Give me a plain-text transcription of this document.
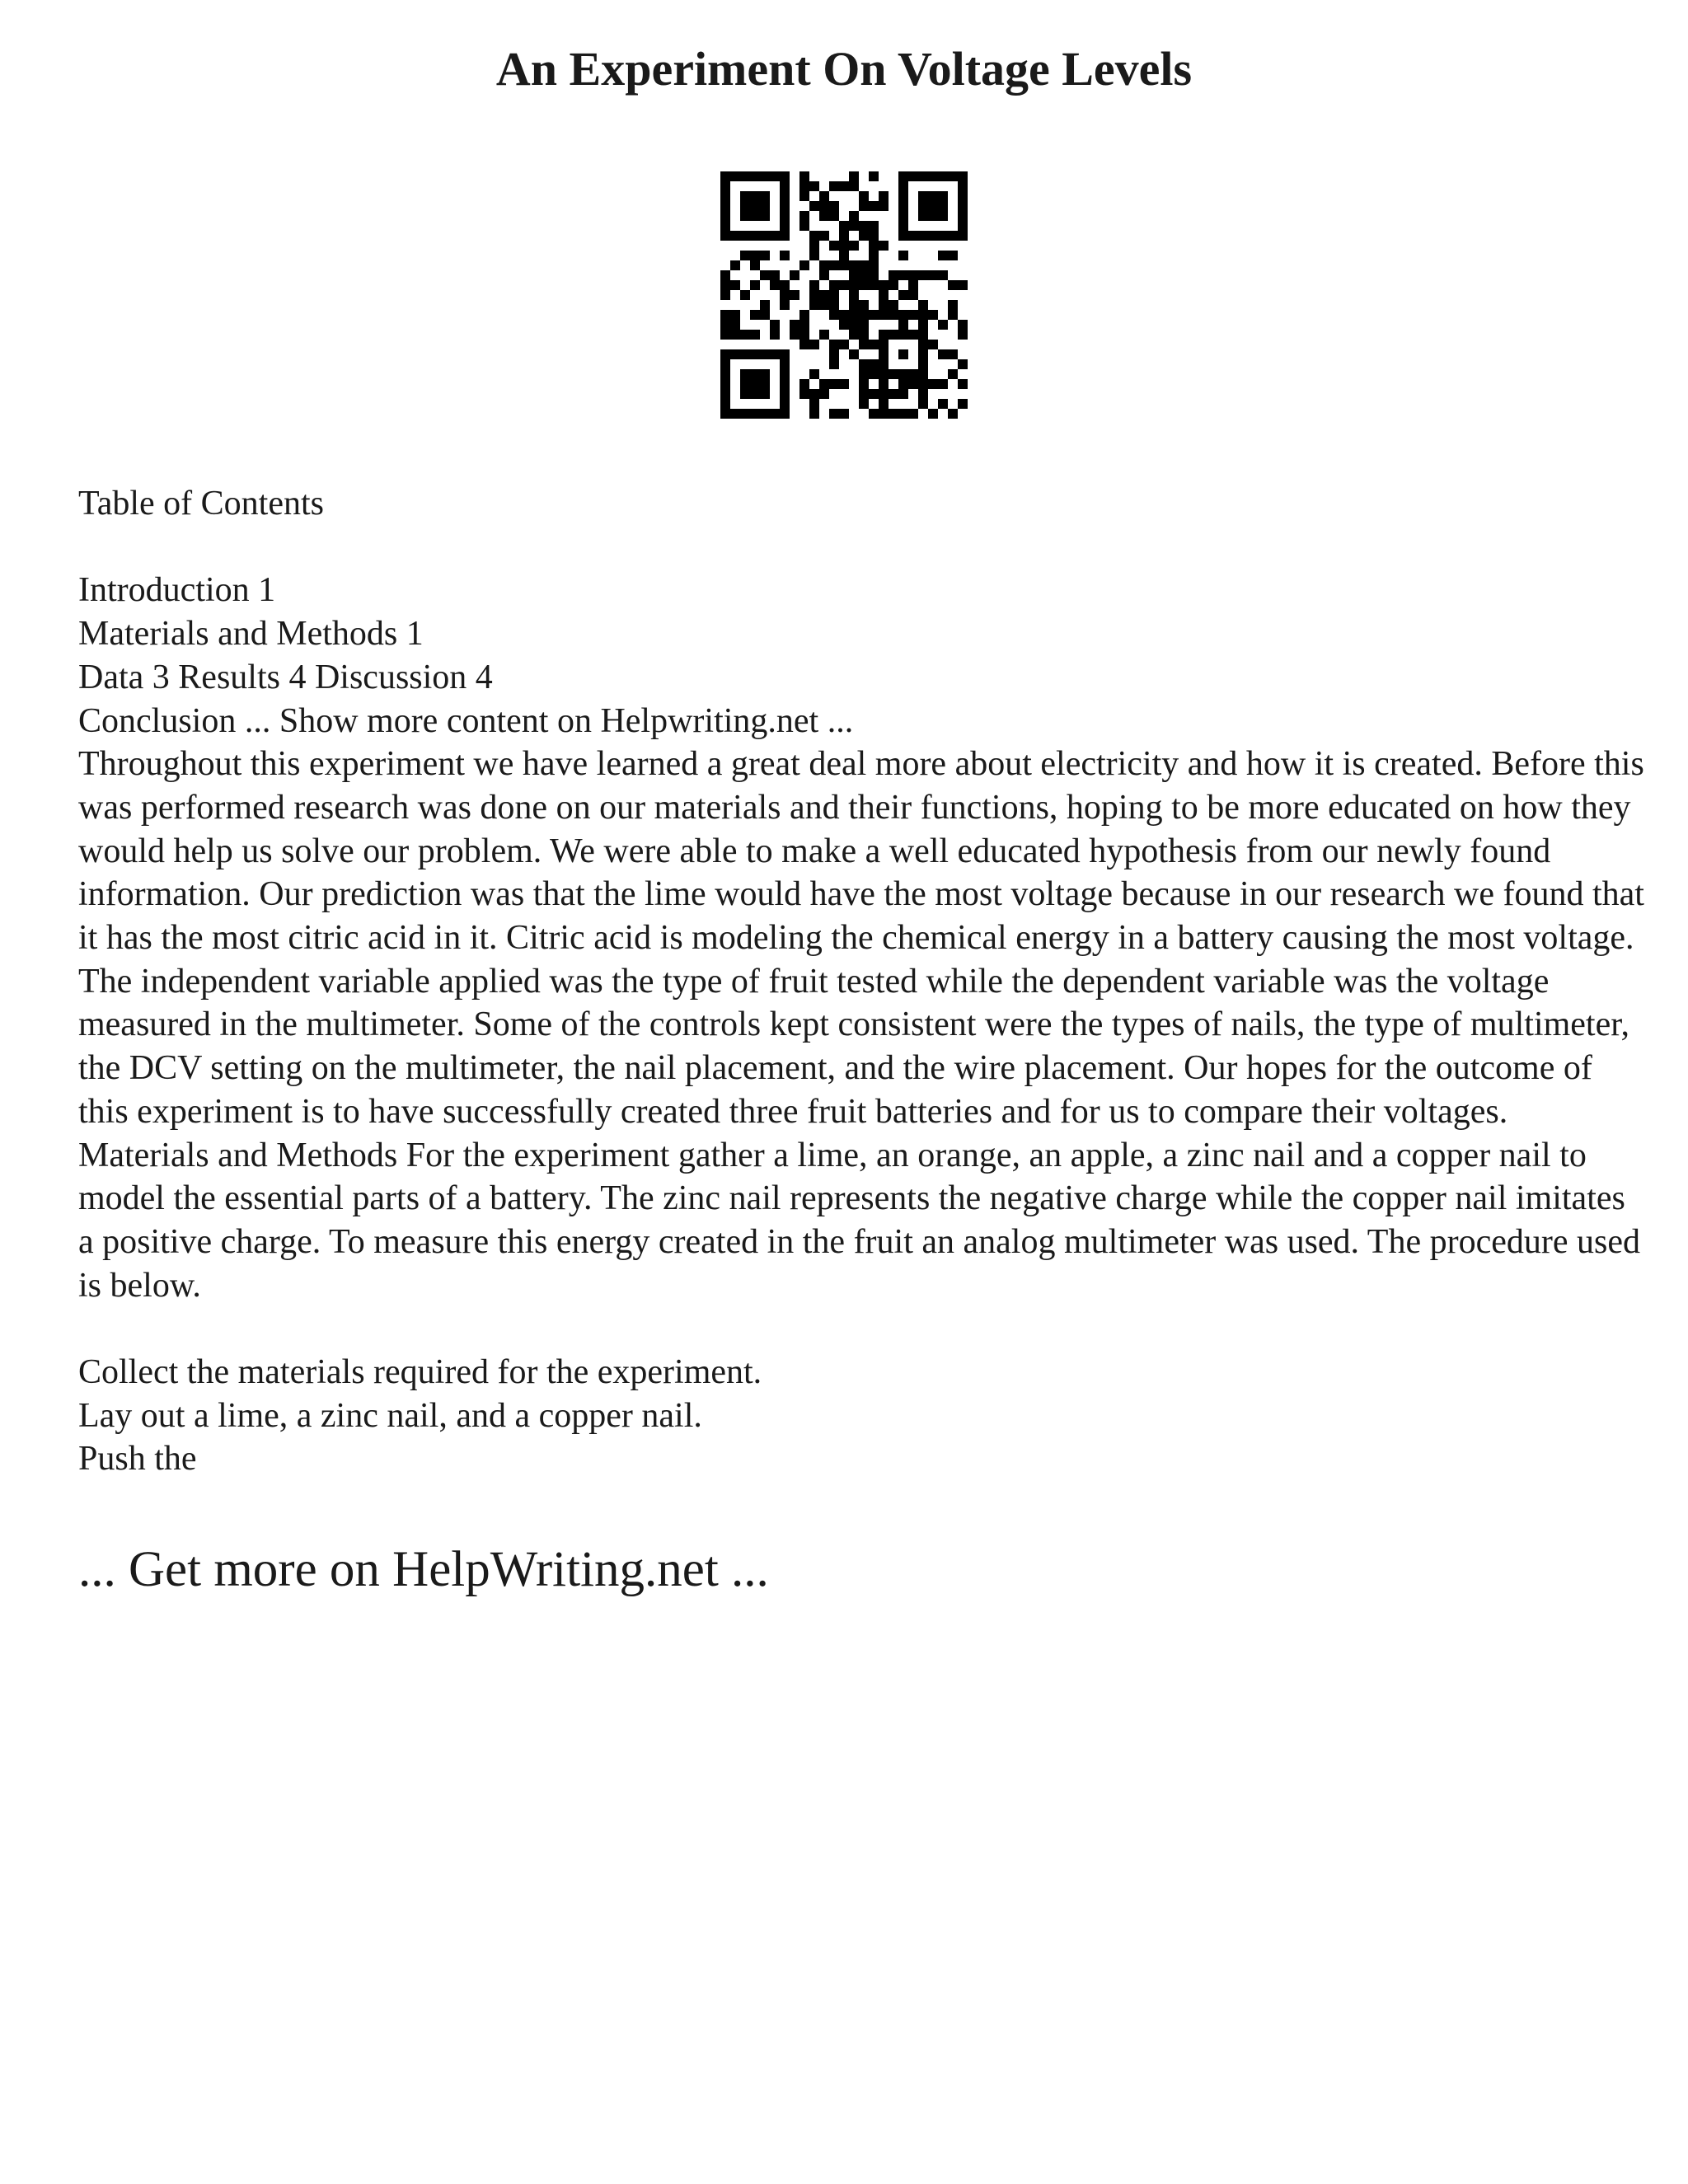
An Experiment On Voltage Levels

Table of Contents

Introduction 1

Materials and Methods 1

Data 3 Results 4 Discussion 4

Conclusion ... Show more content on Helpwriting.net ...

Throughout this experiment we have learned a great deal more about electricity and how it is created. Before this was performed research was done on our materials and their functions, hoping to be more educated on how they would help us solve our problem. We were able to make a well educated hypothesis from our newly found information. Our prediction was that the lime would have the most voltage because in our research we found that it has the most citric acid in it. Citric acid is modeling the chemical energy in a battery causing the most voltage. The independent variable applied was the type of fruit tested while the dependent variable was the voltage measured in the multimeter. Some of the controls kept consistent were the types of nails, the type of multimeter, the DCV setting on the multimeter, the nail placement, and the wire placement. Our hopes for the outcome of this experiment is to have successfully created three fruit batteries and for us to compare their voltages.

Materials and Methods For the experiment gather a lime, an orange, an apple, a zinc nail and a copper nail to model the essential parts of a battery. The zinc nail represents the negative charge while the copper nail imitates a positive charge. To measure this energy created in the fruit an analog multimeter was used. The procedure used is below.

Collect the materials required for the experiment.

Lay out a lime, a zinc nail, and a copper nail.

Push the

... Get more on HelpWriting.net ...
